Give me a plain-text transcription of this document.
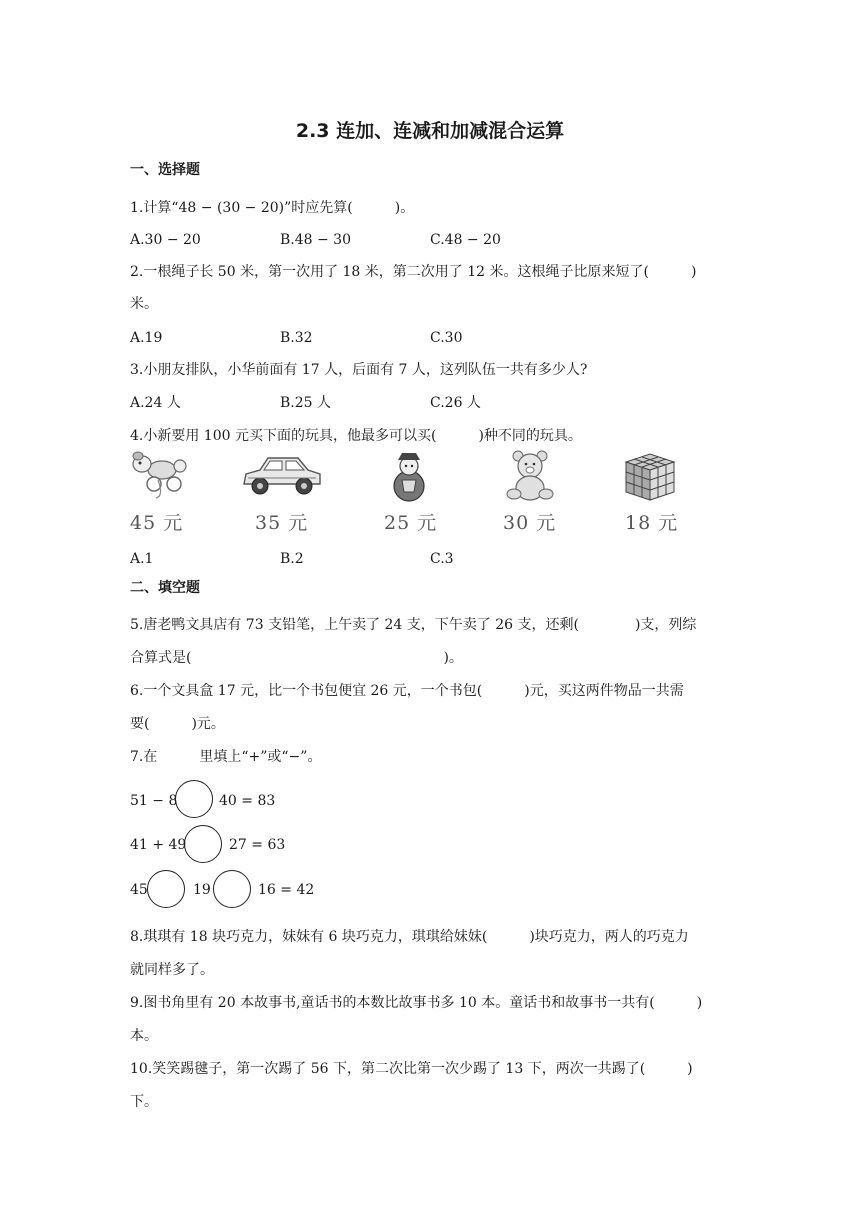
2.3 连加、连减和加减混合运算
一、选择题
1.计算“48 − (30 − 20)”时应先算(　　　)。
A.30 − 20	B.48 − 30	C.48 − 20
2.一根绳子长 50 米，第一次用了 18 米，第二次用了 12 米。这根绳子比原来短了(　　　)
米。
A.19	B.32	C.30
3.小朋友排队，小华前面有 17 人，后面有 7 人，这列队伍一共有多少人?
A.24 人	B.25 人	C.26 人
4.小新要用 100 元买下面的玩具，他最多可以买(　　　)种不同的玩具。
45 元	35 元	25 元	30 元	18 元
A.1	B.2	C.3
二、填空题
5.唐老鸭文具店有 73 支铅笔，上午卖了 24 支，下午卖了 26 支，还剩(　　　　)支，列综
合算式是(　　　　　　　　　　　　　　　　　　)。
6.一个文具盒 17 元，比一个书包便宜 26 元，一个书包(　　　)元，买这两件物品一共需
要(　　　)元。
7.在　　　里填上“+”或“−”。
51 − 8	40 = 83
41 + 49	27 = 63
45	19	16 = 42
8.琪琪有 18 块巧克力，妹妹有 6 块巧克力，琪琪给妹妹(　　　)块巧克力，两人的巧克力
就同样多了。
9.图书角里有 20 本故事书,童话书的本数比故事书多 10 本。童话书和故事书一共有(　　　)
本。
10.笑笑踢毽子，第一次踢了 56 下，第二次比第一次少踢了 13 下，两次一共踢了(　　　)
下。
